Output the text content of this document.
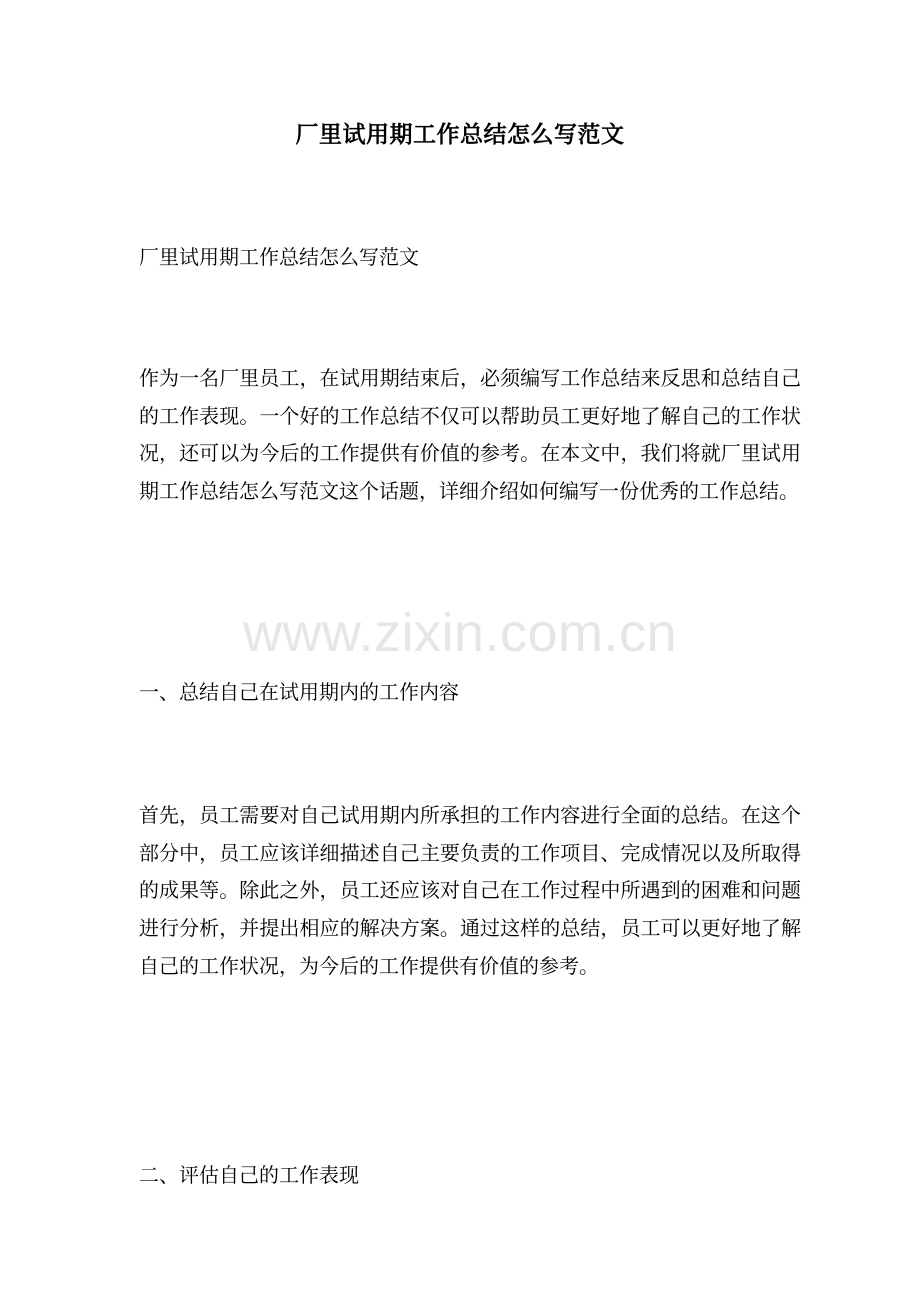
厂里试用期工作总结怎么写范文
厂里试用期工作总结怎么写范文

作为一名厂里员工，在试用期结束后，必须编写工作总结来反思和总结自己的工作表现。一个好的工作总结不仅可以帮助员工更好地了解自己的工作状况，还可以为今后的工作提供有价值的参考。在本文中，我们将就厂里试用期工作总结怎么写范文这个话题，详细介绍如何编写一份优秀的工作总结。

www.zixin.com.cn
一、总结自己在试用期内的工作内容

首先，员工需要对自己试用期内所承担的工作内容进行全面的总结。在这个部分中，员工应该详细描述自己主要负责的工作项目、完成情况以及所取得的成果等。除此之外，员工还应该对自己在工作过程中所遇到的困难和问题进行分析，并提出相应的解决方案。通过这样的总结，员工可以更好地了解自己的工作状况，为今后的工作提供有价值的参考。

二、评估自己的工作表现
